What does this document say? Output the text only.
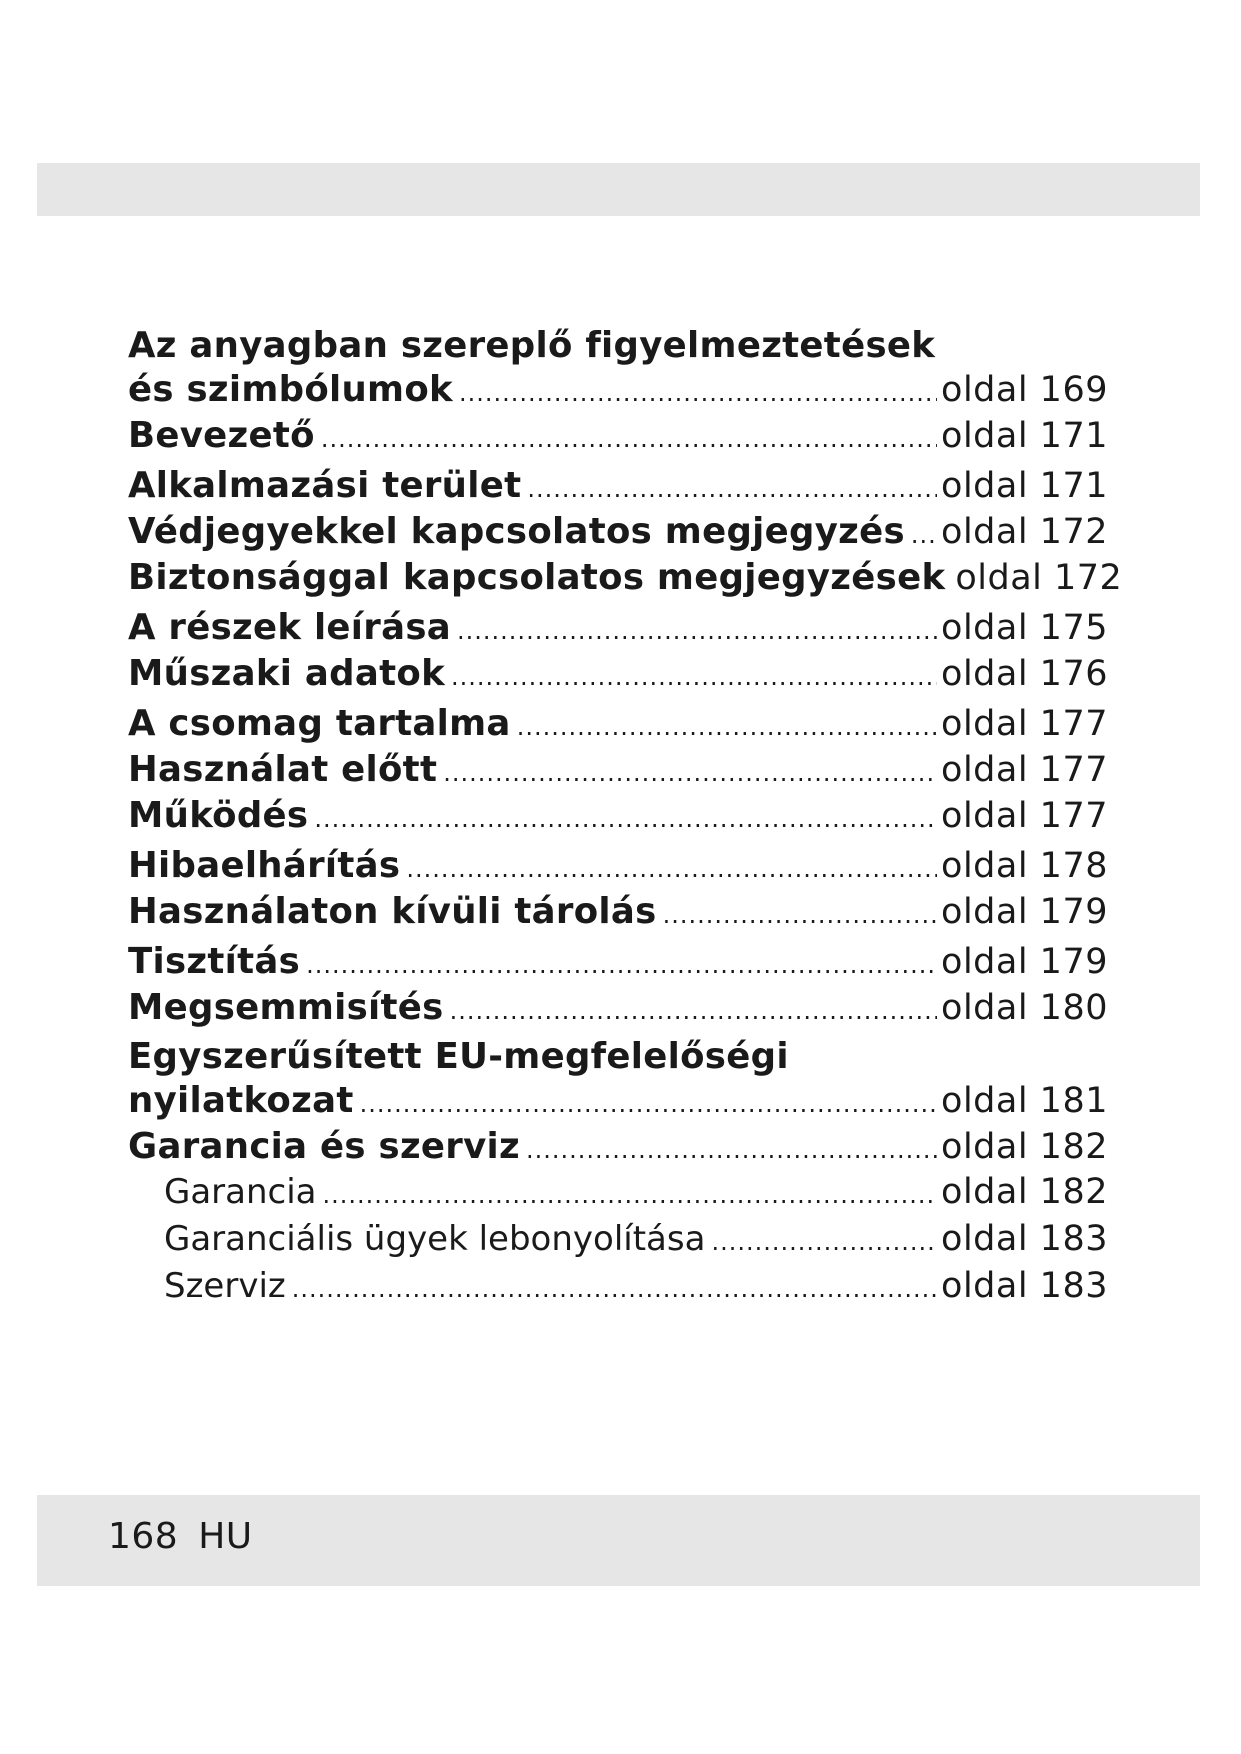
Az anyagban szereplő figyelmeztetések
és szimbólumok .....	oldal 169
Bevezető .....	oldal 171
Alkalmazási terület .....	oldal 171
Védjegyekkel kapcsolatos megjegyzés ..... oldal 172
Biztonsággal kapcsolatos megjegyzések oldal 172
A részek leírása .....	oldal 175
Műszaki adatok .....	oldal 176
A csomag tartalma .....	oldal 177
Használat előtt .....	oldal 177
Működés .....	oldal 177
Hibaelhárítás .....	oldal 178
Használaton kívüli tárolás .....	oldal 179
Tisztítás .....	oldal 179
Megsemmisítés .....	oldal 180
Egyszerűsített EU-megfelelőségi
nyilatkozat .....	oldal 181
Garancia és szerviz .....	oldal 182
Garancia .....	oldal 182
Garanciális ügyek lebonyolítása .....	oldal 183
Szerviz .....	oldal 183
168 HU
